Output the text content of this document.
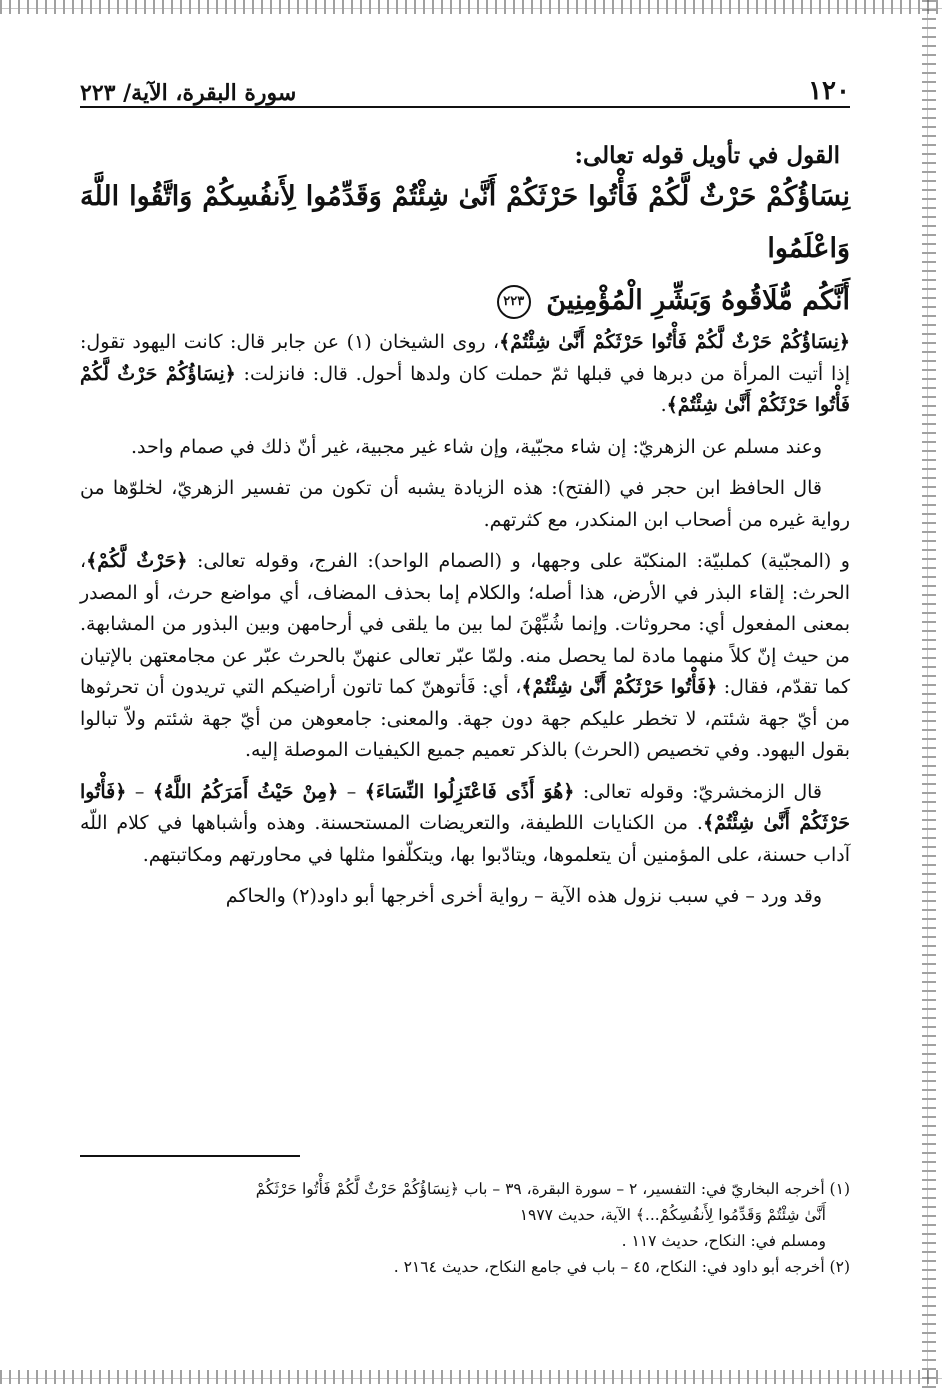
١٢٠
سورة البقرة، الآية/ ٢٢٣
القول في تأويل قوله تعالى:
نِسَاؤُكُمْ حَرْثٌ لَّكُمْ فَأْتُوا حَرْثَكُمْ أَنَّىٰ شِئْتُمْ وَقَدِّمُوا لِأَنفُسِكُمْ وَاتَّقُوا اللَّهَ وَاعْلَمُوا
أَنَّكُم مُّلَاقُوهُ وَبَشِّرِ الْمُؤْمِنِينَ ٢٢٣

﴿نِسَاؤُكُمْ حَرْثٌ لَّكُمْ فَأْتُوا حَرْثَكُمْ أَنَّىٰ شِئْتُمْ﴾، روى الشيخان (١) عن جابر قال: كانت اليهود تقول: إذا أتيت المرأة من دبرها في قبلها ثمّ حملت كان ولدها أحول. قال: فانزلت: ﴿نِسَاؤُكُمْ حَرْثٌ لَّكُمْ فَأْتُوا حَرْثَكُمْ أَنَّىٰ شِئْتُمْ﴾.

وعند مسلم عن الزهريّ: إن شاء مجبّية، وإن شاء غير مجبية، غير أنّ ذلك في صمام واحد.

قال الحافظ ابن حجر في (الفتح): هذه الزيادة يشبه أن تكون من تفسير الزهريّ، لخلوّها من رواية غيره من أصحاب ابن المنكدر، مع كثرتهم.

و (المجبّية) كملبيّة: المنكبّة على وجهها، و (الصمام الواحد): الفرج، وقوله تعالى: ﴿حَرْثٌ لَّكُمْ﴾، الحرث: إلقاء البذر في الأرض، هذا أصله؛ والكلام إما بحذف المضاف، أي مواضع حرث، أو المصدر بمعنى المفعول أي: محروثات. وإنما شُبِّهْنَ لما بين ما يلقى في أرحامهن وبين البذور من المشابهة. من حيث إنّ كلاً منهما مادة لما يحصل منه. ولمّا عبّر تعالى عنهنّ بالحرث عبّر عن مجامعتهن بالإتيان كما تقدّم، فقال: ﴿فَأْتُوا حَرْثَكُمْ أَنَّىٰ شِئْتُمْ﴾، أي: فَأتوهنّ كما تاتون أراضيكم التي تريدون أن تحرثوها من أيّ جهة شئتم، لا تخطر عليكم جهة دون جهة. والمعنى: جامعوهن من أيّ جهة شئتم ولاّ تبالوا بقول اليهود. وفي تخصيص (الحرث) بالذكر تعميم جميع الكيفيات الموصلة إليه.

قال الزمخشريّ: وقوله تعالى: ﴿هُوَ أَذًى فَاعْتَزِلُوا النِّسَاءَ﴾ – ﴿مِنْ حَيْثُ أَمَرَكُمُ اللَّهُ﴾ – ﴿فَأْتُوا حَرْثَكُمْ أَنَّىٰ شِئْتُمْ﴾. من الكنايات اللطيفة، والتعريضات المستحسنة. وهذه وأشباهها في كلام اللّه آداب حسنة، على المؤمنين أن يتعلموها، ويتادّبوا بها، ويتكلّفوا مثلها في محاورتهم ومكاتبتهم.

وقد ورد – في سبب نزول هذه الآية – رواية أخرى أخرجها أبو داود(٢) والحاكم

(١) أخرجه البخاريّ في: التفسير، ٢ – سورة البقرة، ٣٩ – باب ﴿نِسَاؤُكُمْ حَرْثٌ لَّكُمْ فَأْتُوا حَرْثَكُمْ

أَنَّىٰ شِئْتُمْ وَقَدِّمُوا لِأَنفُسِكُمْ...﴾ الآية، حديث ١٩٧٧

ومسلم في: النكاح، حديث ١١٧ .

(٢) أخرجه أبو داود في: النكاح، ٤٥ – باب في جامع النكاح، حديث ٢١٦٤ .
